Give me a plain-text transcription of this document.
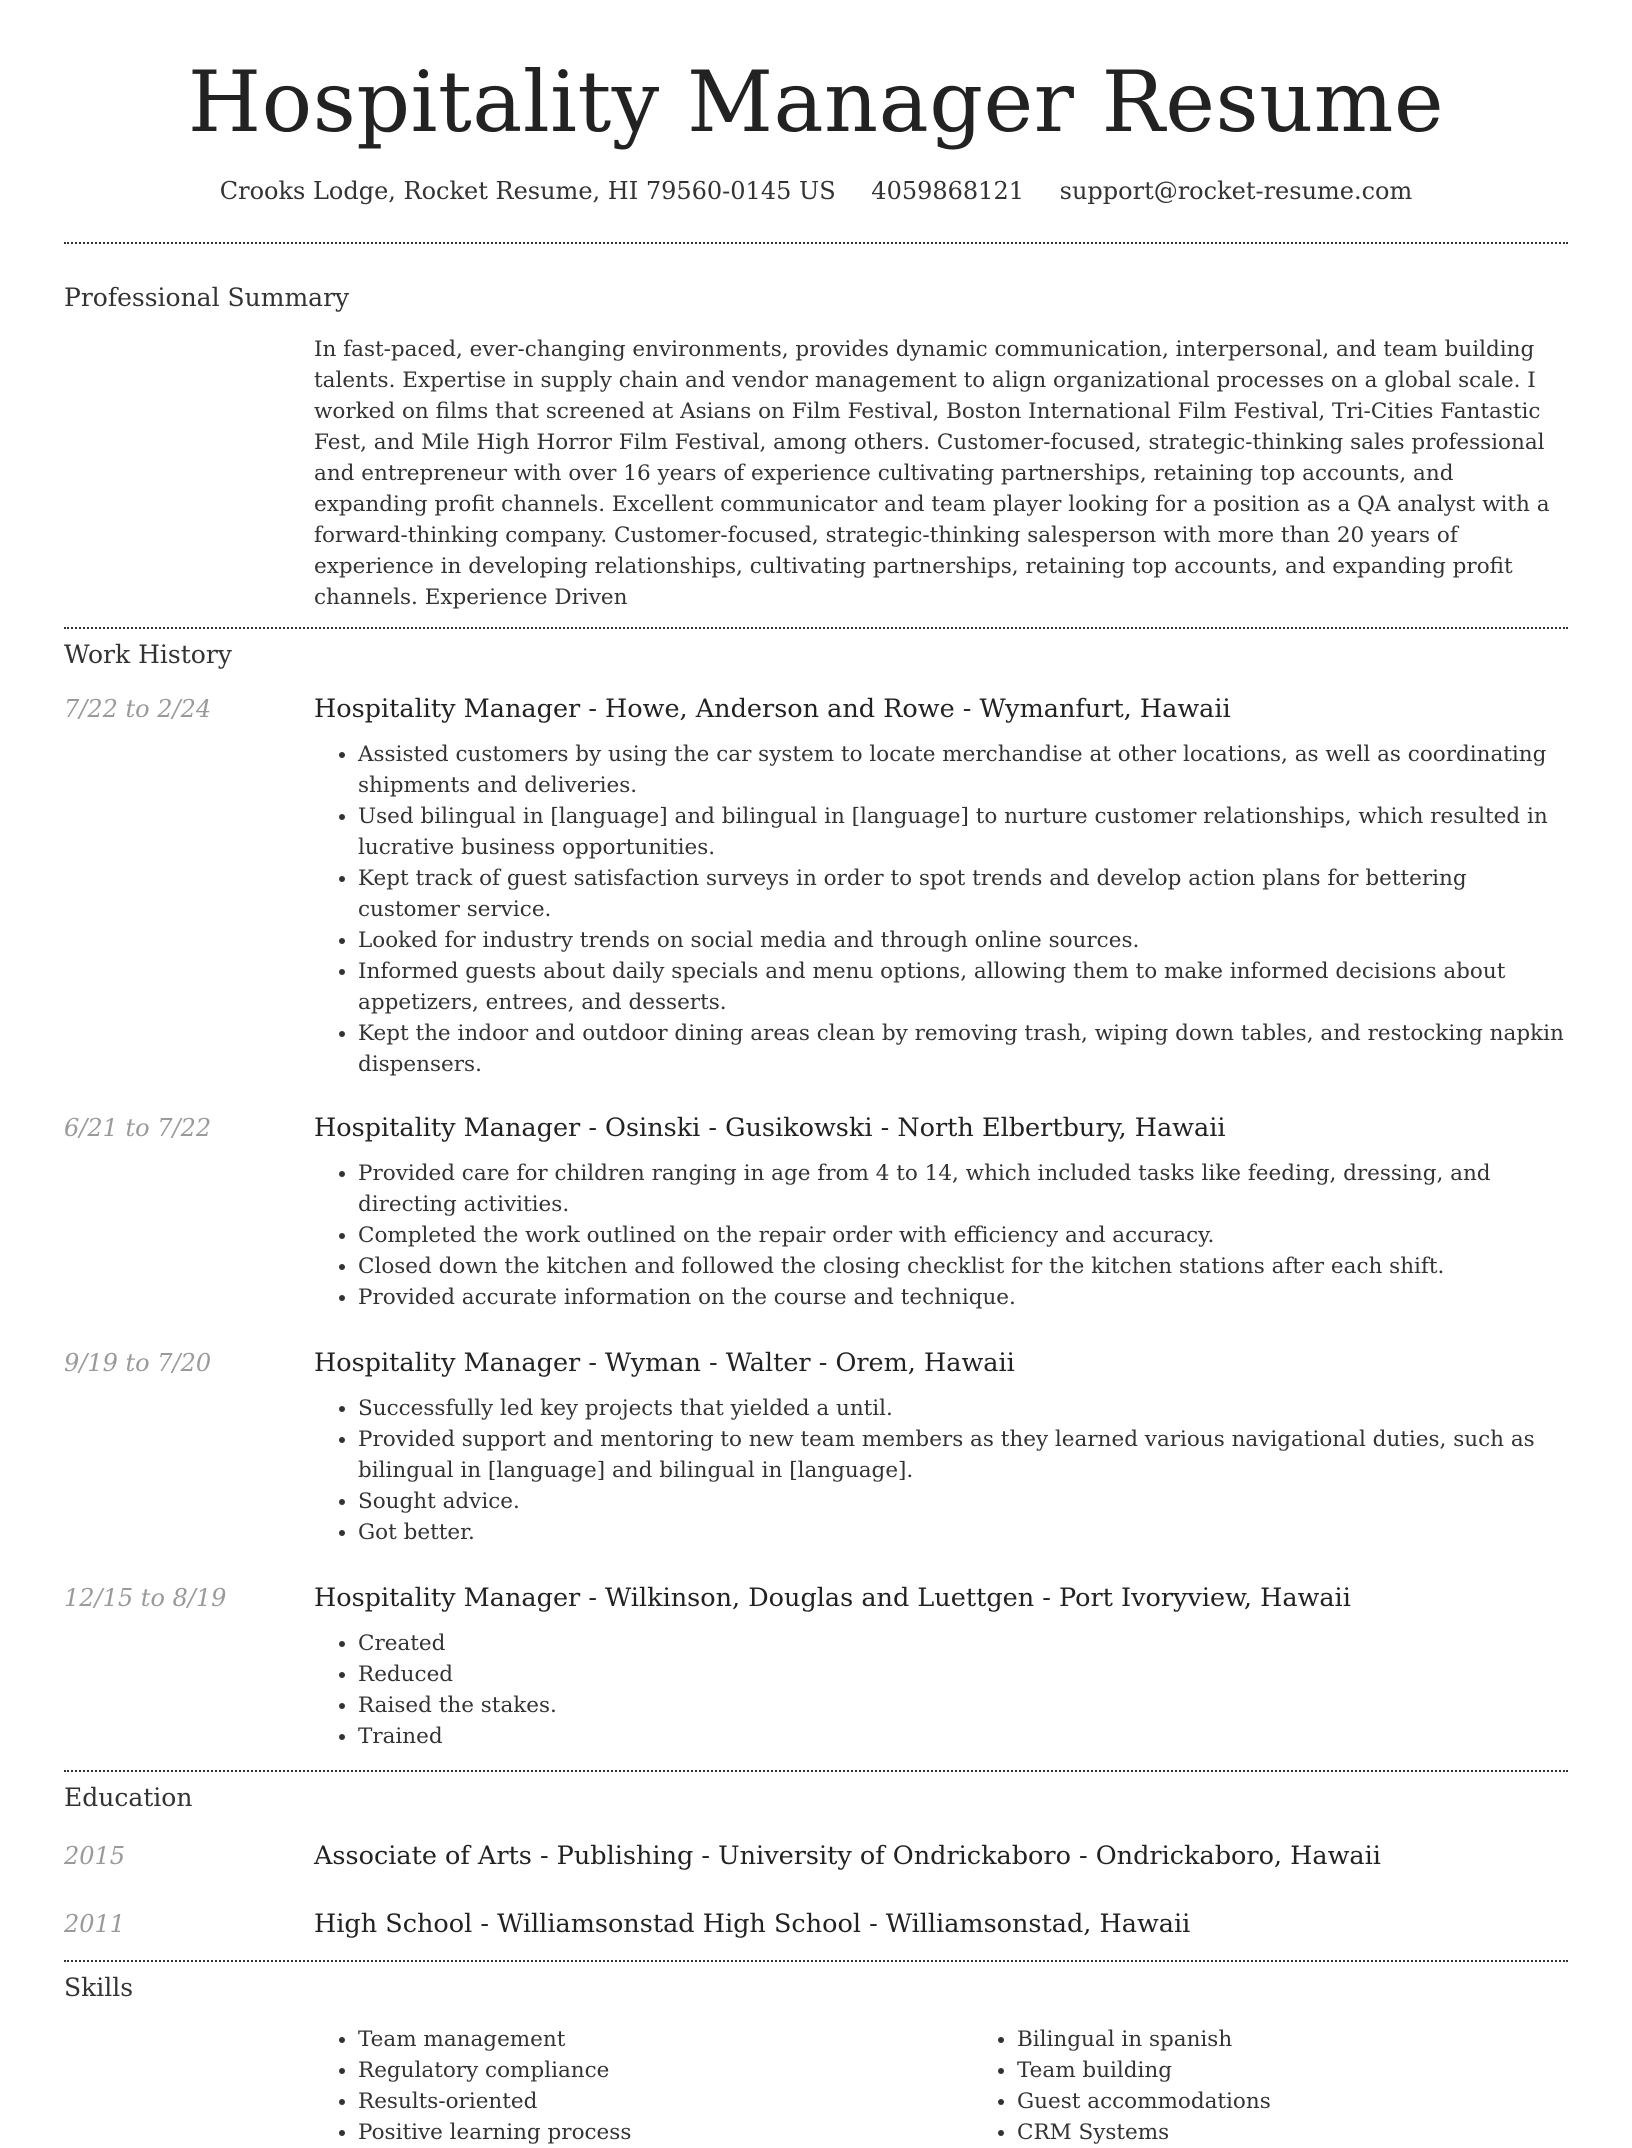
Hospitality Manager Resume
Crooks Lodge, Rocket Resume, HI 79560-0145 US 4059868121 support@rocket-resume.com
Professional Summary
In fast-paced, ever-changing environments, provides dynamic communication, interpersonal, and team building talents. Expertise in supply chain and vendor management to align organizational processes on a global scale. I worked on films that screened at Asians on Film Festival, Boston International Film Festival, Tri-Cities Fantastic Fest, and Mile High Horror Film Festival, among others. Customer-focused, strategic-thinking sales professional and entrepreneur with over 16 years of experience cultivating partnerships, retaining top accounts, and expanding profit channels. Excellent communicator and team player looking for a position as a QA analyst with a forward-thinking company. Customer-focused, strategic-thinking salesperson with more than 20 years of experience in developing relationships, cultivating partnerships, retaining top accounts, and expanding profit channels. Experience Driven
Work History
7/22 to 2/24	Hospitality Manager - Howe, Anderson and Rowe - Wymanfurt, Hawaii
• Assisted customers by using the car system to locate merchandise at other locations, as well as coordinating shipments and deliveries.
• Used bilingual in [language] and bilingual in [language] to nurture customer relationships, which resulted in lucrative business opportunities.
• Kept track of guest satisfaction surveys in order to spot trends and develop action plans for bettering customer service.
• Looked for industry trends on social media and through online sources.
• Informed guests about daily specials and menu options, allowing them to make informed decisions about appetizers, entrees, and desserts.
• Kept the indoor and outdoor dining areas clean by removing trash, wiping down tables, and restocking napkin dispensers.
6/21 to 7/22	Hospitality Manager - Osinski - Gusikowski - North Elbertbury, Hawaii
• Provided care for children ranging in age from 4 to 14, which included tasks like feeding, dressing, and directing activities.
• Completed the work outlined on the repair order with efficiency and accuracy.
• Closed down the kitchen and followed the closing checklist for the kitchen stations after each shift.
• Provided accurate information on the course and technique.
9/19 to 7/20	Hospitality Manager - Wyman - Walter - Orem, Hawaii
• Successfully led key projects that yielded a until.
• Provided support and mentoring to new team members as they learned various navigational duties, such as bilingual in [language] and bilingual in [language].
• Sought advice.
• Got better.
12/15 to 8/19	Hospitality Manager - Wilkinson, Douglas and Luettgen - Port Ivoryview, Hawaii
• Created
• Reduced
• Raised the stakes.
• Trained
Education
2015	Associate of Arts - Publishing - University of Ondrickaboro - Ondrickaboro, Hawaii
2011	High School - Williamsonstad High School - Williamsonstad, Hawaii
Skills
• Team management
• Regulatory compliance
• Results-oriented
• Positive learning process
• Bilingual in spanish
• Team building
• Guest accommodations
• CRM Systems
